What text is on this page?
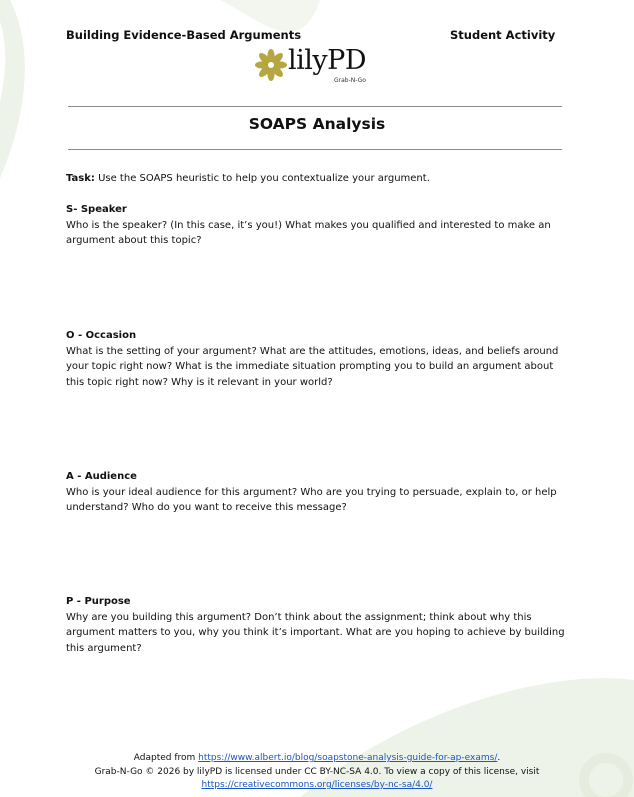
Building Evidence-Based Arguments	Student Activity
lilyPD
Grab-N-Go
SOAPS Analysis
Task: Use the SOAPS heuristic to help you contextualize your argument.
S- Speaker
Who is the speaker? (In this case, it’s you!) What makes you qualified and interested to make an argument about this topic?
O - Occasion
What is the setting of your argument? What are the attitudes, emotions, ideas, and beliefs around your topic right now? What is the immediate situation prompting you to build an argument about this topic right now? Why is it relevant in your world?
A - Audience
Who is your ideal audience for this argument? Who are you trying to persuade, explain to, or help understand? Who do you want to receive this message?
P - Purpose
Why are you building this argument? Don’t think about the assignment; think about why this argument matters to you, why you think it’s important. What are you hoping to achieve by building this argument?
Adapted from https://www.albert.io/blog/soapstone-analysis-guide-for-ap-exams/.
Grab-N-Go © 2026 by lilyPD is licensed under CC BY-NC-SA 4.0. To view a copy of this license, visit
https://creativecommons.org/licenses/by-nc-sa/4.0/
